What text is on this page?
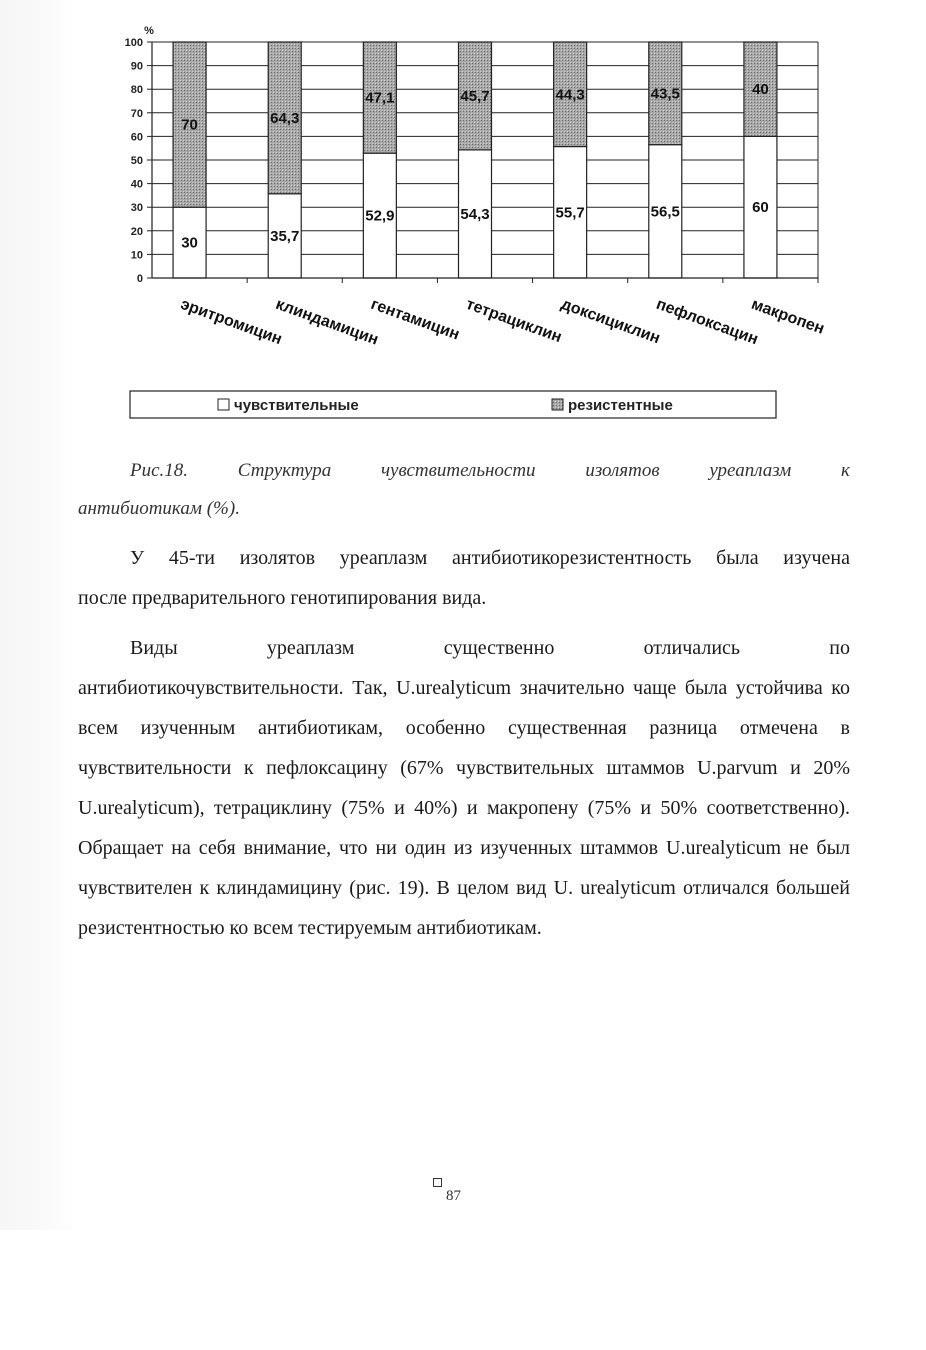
30
70
эритромицин
35,7
64,3
клиндамицин
52,9
47,1
гентамицин
54,3
45,7
тетрациклин
55,7
44,3
доксициклин
56,5
43,5
пефлоксацин
60
40
макропен
0
10
20
30
40
50
60
70
80
90
100
%
чувствительные	резистентные
Рис.18.	Структура	чувствительности	изолятов	уреаплазм	к
антибиотикам (%).
У 45-ти изолятов уреаплазм антибиотикорезистентность была изучена
после предварительного генотипирования вида.
Виды	уреаплазм	существенно	отличались	по
антибиотикочувствительности. Так, U.urealyticum значительно чаще была устойчива ко всем изученным антибиотикам, особенно существенная разница отмечена в чувствительности к пефлоксацину (67% чувствительных штаммов U.parvum и 20% U.urealyticum), тетрациклину (75% и 40%) и макропену (75% и 50% соответственно). Обращает на себя внимание, что ни один из изученных штаммов U.urealyticum не был чувствителен к клиндамицину (рис. 19). В целом вид U. urealyticum отличался большей резистентностью ко всем тестируемым антибиотикам.
87
